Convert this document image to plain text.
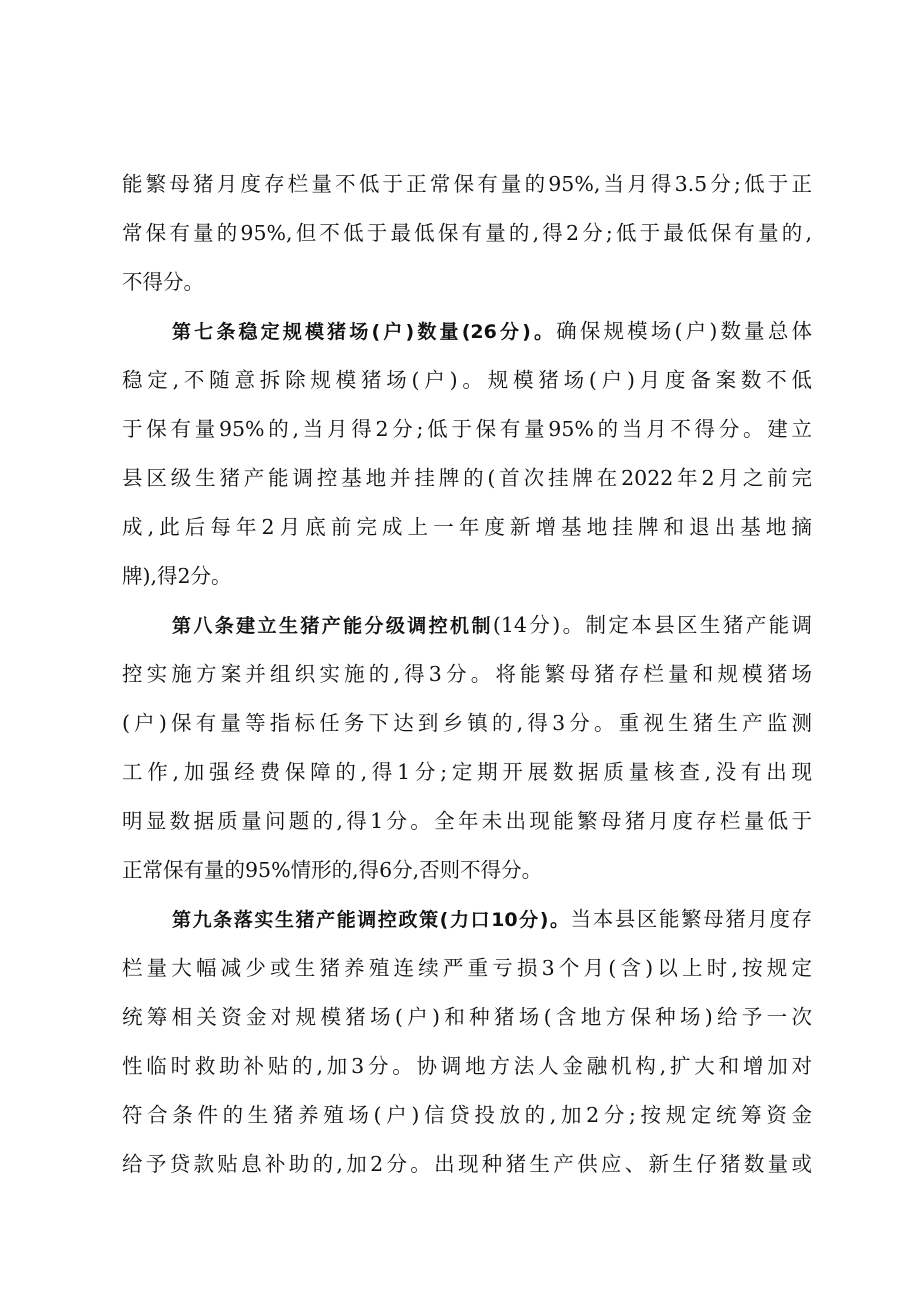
能繁母猪月度存栏量不低于正常保有量的95%,当月得3.5分;低于正
常保有量的95%,但不低于最低保有量的,得2分;低于最低保有量的,
不得分。
第七条稳定规模猪场(户)数量(26分)。确保规模场(户)数量总体
稳定,不随意拆除规模猪场(户)。规模猪场(户)月度备案数不低
于保有量95%的,当月得2分;低于保有量95%的当月不得分。建立
县区级生猪产能调控基地并挂牌的(首次挂牌在2022年2月之前完
成,此后每年2月底前完成上一年度新增基地挂牌和退出基地摘
牌),得2分。
第八条建立生猪产能分级调控机制(14分)。制定本县区生猪产能调
控实施方案并组织实施的,得3分。将能繁母猪存栏量和规模猪场
(户)保有量等指标任务下达到乡镇的,得3分。重视生猪生产监测
工作,加强经费保障的,得1分;定期开展数据质量核查,没有出现
明显数据质量问题的,得1分。全年未出现能繁母猪月度存栏量低于
正常保有量的95%情形的,得6分,否则不得分。
第九条落实生猪产能调控政策(力口10分)。当本县区能繁母猪月度存
栏量大幅减少或生猪养殖连续严重亏损3个月(含)以上时,按规定
统筹相关资金对规模猪场(户)和种猪场(含地方保种场)给予一次
性临时救助补贴的,加3分。协调地方法人金融机构,扩大和增加对
符合条件的生猪养殖场(户)信贷投放的,加2分;按规定统筹资金
给予贷款贴息补助的,加2分。出现种猪生产供应、新生仔猪数量或
